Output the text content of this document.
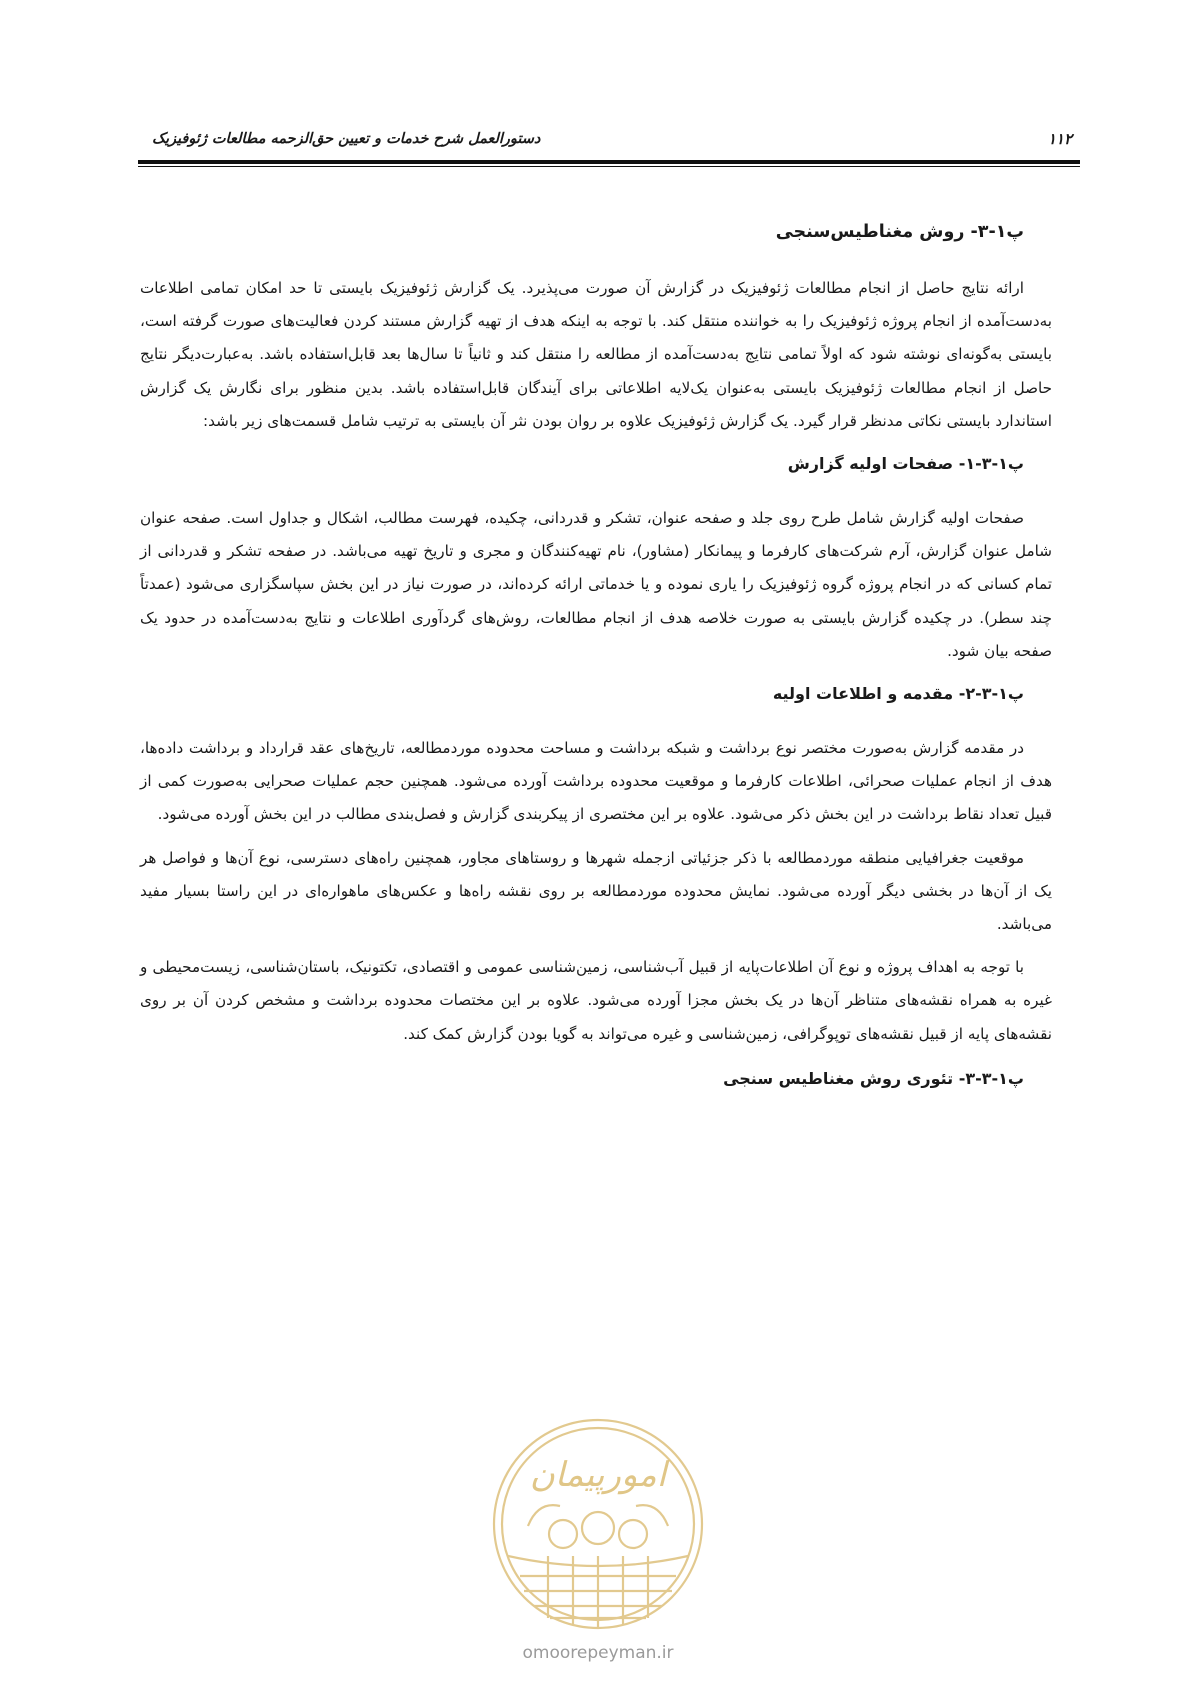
۱۱۲
دستورالعمل شرح خدمات و تعیین حق‌الزحمه مطالعات ژئوفیزیک
پ۱-۳- روش مغناطیس‌سنجی

ارائه نتایج حاصل از انجام مطالعات ژئوفیزیک در گزارش آن صورت می‌پذیرد. یک گزارش ژئوفیزیک بایستی تا حد امکان تمامی اطلاعات به‌دست‌آمده از انجام پروژه ژئوفیزیک را به خواننده منتقل کند. با توجه به اینکه هدف از تهیه گزارش مستند کردن فعالیت‌های صورت گرفته است، بایستی به‌گونه‌ای نوشته شود که اولاً تمامی نتایج به‌دست‌آمده از مطالعه را منتقل کند و ثانیاً تا سال‌ها بعد قابل‌استفاده باشد. به‌عبارت‌دیگر نتایج حاصل از انجام مطالعات ژئوفیزیک بایستی به‌عنوان یک‌لایه اطلاعاتی برای آیندگان قابل‌استفاده باشد. بدین منظور برای نگارش یک گزارش استاندارد بایستی نکاتی مدنظر قرار گیرد. یک گزارش ژئوفیزیک علاوه بر روان بودن نثر آن بایستی به ترتیب شامل قسمت‌های زیر باشد:

پ۱-۳-۱- صفحات اولیه گزارش

صفحات اولیه گزارش شامل طرح روی جلد و صفحه عنوان، تشکر و قدردانی، چکیده، فهرست مطالب، اشکال و جداول است. صفحه عنوان شامل عنوان گزارش، آرم شرکت‌های کارفرما و پیمانکار (مشاور)، نام تهیه‌کنندگان و مجری و تاریخ تهیه می‌باشد. در صفحه تشکر و قدردانی از تمام کسانی که در انجام پروژه گروه ژئوفیزیک را یاری نموده و یا خدماتی ارائه کرده‌اند، در صورت نیاز در این بخش سپاسگزاری می‌شود (عمدتاً چند سطر). در چکیده گزارش بایستی به صورت خلاصه هدف از انجام مطالعات، روش‌های گردآوری اطلاعات و نتایج به‌دست‌آمده در حدود یک صفحه بیان شود.

پ۱-۳-۲- مقدمه و اطلاعات اولیه

در مقدمه گزارش به‌صورت مختصر نوع برداشت و شبکه برداشت و مساحت محدوده موردمطالعه، تاریخ‌های عقد قرارداد و برداشت داده‌ها، هدف از انجام عملیات صحرائی، اطلاعات کارفرما و موقعیت محدوده برداشت آورده می‌شود. همچنین حجم عملیات صحرایی به‌صورت کمی از قبیل تعداد نقاط برداشت در این بخش ذکر می‌شود. علاوه بر این مختصری از پیکربندی گزارش و فصل‌بندی مطالب در این بخش آورده می‌شود.

موقعیت جغرافیایی منطقه موردمطالعه با ذکر جزئیاتی ازجمله شهرها و روستاهای مجاور، همچنین راه‌های دسترسی، نوع آن‌ها و فواصل هر یک از آن‌ها در بخشی دیگر آورده می‌شود. نمایش محدوده موردمطالعه بر روی نقشه راه‌ها و عکس‌های ماهواره‌ای در این راستا بسیار مفید می‌باشد.

با توجه به اهداف پروژه و نوع آن اطلاعات‌پایه از قبیل آب‌شناسی، زمین‌شناسی عمومی و اقتصادی، تکتونیک، باستان‌شناسی، زیست‌محیطی و غیره به همراه نقشه‌های متناظر آن‌ها در یک بخش مجزا آورده می‌شود. علاوه بر این مختصات محدوده برداشت و مشخص کردن آن بر روی نقشه‌های پایه از قبیل نقشه‌های توپوگرافی، زمین‌شناسی و غیره می‌تواند به گویا بودن گزارش کمک کند.

پ۱-۳-۳- تئوری روش مغناطیس سنجی
امورپیمان
omoorepeyman.ir
